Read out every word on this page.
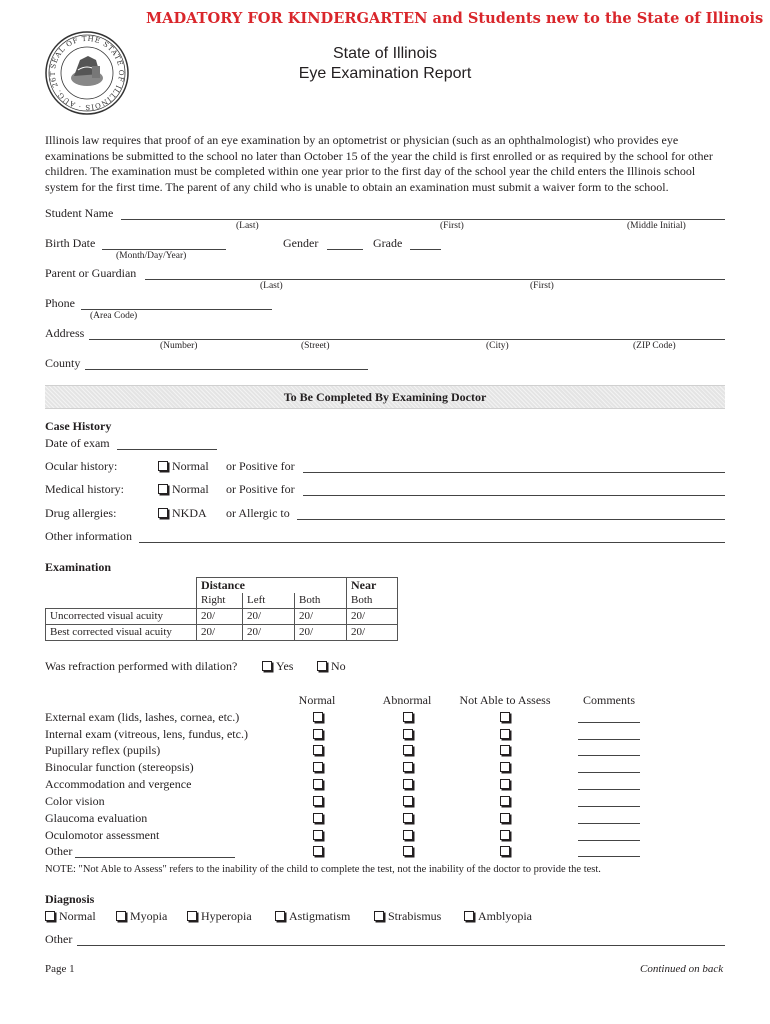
MADATORY FOR KINDERGARTEN and Students new to the State of Illinois
SEAL OF THE STATE OF ILLINOIS · AUG. 26T
State of Illinois
Eye Examination Report
Illinois law requires that proof of an eye examination by an optometrist or physician (such as an ophthalmologist) who provides eye examinations be submitted to the school no later than October 15 of the year the child is first enrolled or as required by the school for other children. The examination must be completed within one year prior to the first day of the school year the child enters the Illinois school system for the first time. The parent of any child who is unable to obtain an examination must submit a waiver form to the school.
Student Name
(Last)	(First)	(Middle Initial)
Birth Date
(Month/Day/Year)
Gender	Grade
Parent or Guardian
(Last)	(First)
Phone
(Area Code)
Address
(Number)	(Street)	(City)	(ZIP Code)
County
To Be Completed By Examining Doctor
Case History
Date of exam
Ocular history:	Normal or Positive for
Medical history:	Normal or Positive for
Drug allergies:	NKDA or Allergic to
Other information
Examination
	Distance			Near
	Right	Left	Both	Both
Uncorrected visual acuity	20/	20/	20/	20/
Best corrected visual acuity	20/	20/	20/	20/
Was refraction performed with dilation?	Yes	No
Normal	Abnormal	Not Able to Assess	Comments
External exam (lids, lashes, cornea, etc.)
Internal exam (vitreous, lens, fundus, etc.)
Pupillary reflex (pupils)
Binocular function (stereopsis)
Accommodation and vergence
Color vision
Glaucoma evaluation
Oculomotor assessment
Other
NOTE: "Not Able to Assess" refers to the inability of the child to complete the test, not the inability of the doctor to provide the test.
Diagnosis
Normal	Myopia	Hyperopia	Astigmatism	Strabismus	Amblyopia
Other
Page 1	Continued on back
